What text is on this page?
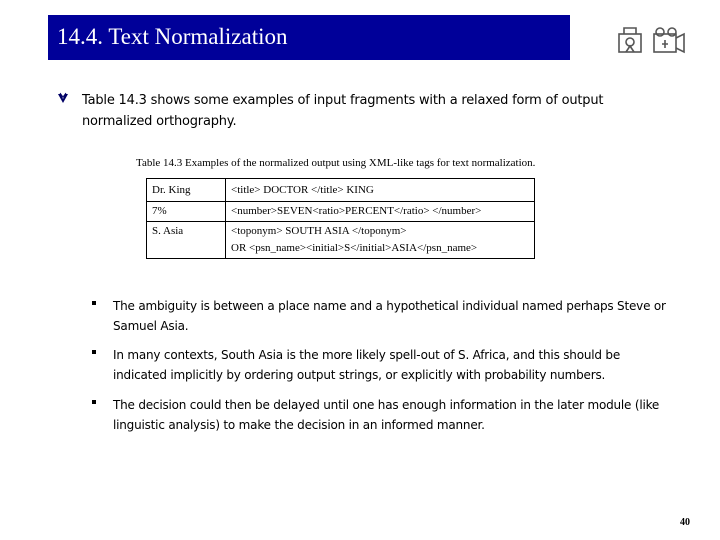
14.4. Text Normalization
Table 14.3 shows some examples of input fragments with a relaxed form of output normalized orthography.
Table 14.3 Examples of the normalized output using XML-like tags for text normalization.
Dr. King	<title> DOCTOR </title> KING
7%	<number>SEVEN<ratio>PERCENT</ratio> </number>
S. Asia	<toponym> SOUTH ASIA </toponym>
OR <psn_name><initial>S</initial>ASIA</psn_name>
The ambiguity is between a place name and a hypothetical individual named perhaps Steve or Samuel Asia.
In many contexts, South Asia is the more likely spell-out of S. Africa, and this should be indicated implicitly by ordering output strings, or explicitly with probability numbers.
The decision could then be delayed until one has enough information in the later module (like linguistic analysis) to make the decision in an informed manner.
40
